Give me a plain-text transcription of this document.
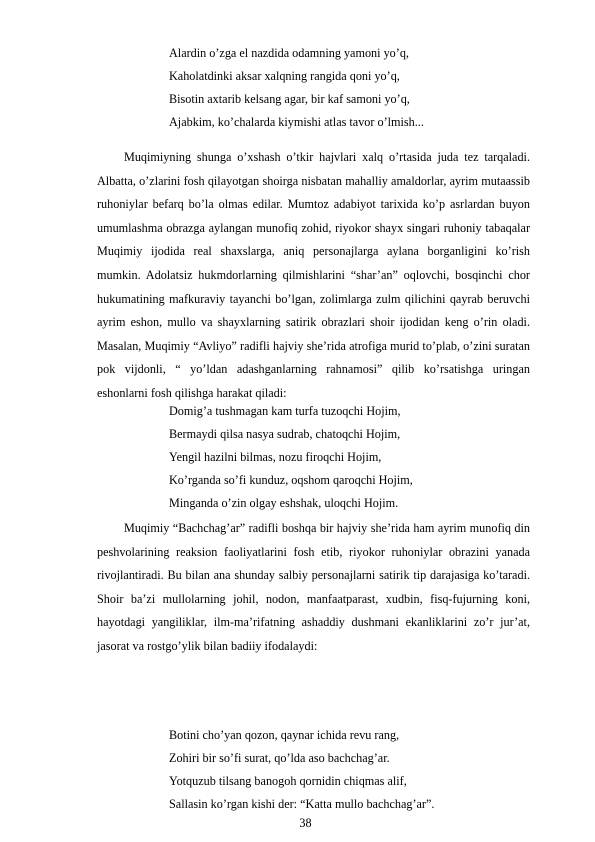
Alardin o’zga el nazdida odamning yamoni yo’q,
Kaholatdinki aksar xalqning rangida qoni yo’q,
Bisotin axtarib kelsang agar, bir kaf samoni yo’q,
Ajabkim, ko’chalarda kiymishi atlas tavor o’lmish...

Muqimiyning shunga o’xshash o’tkir hajvlari xalq o’rtasida juda tez tarqaladi. Albatta, o’zlarini fosh qilayotgan shoirga nisbatan mahalliy amaldorlar, ayrim mutaassib ruhoniylar befarq bo’la olmas edilar. Mumtoz adabiyot tarixida ko’p asrlardan buyon umumlashma obrazga aylangan munofiq zohid, riyokor shayx singari ruhoniy tabaqalar Muqimiy ijodida real shaxslarga, aniq personajlarga aylana borganligini ko’rish mumkin. Adolatsiz hukmdorlarning qilmishlarini “shar’an” oqlovchi, bosqinchi chor hukumatining mafkuraviy tayanchi bo’lgan, zolimlarga zulm qilichini qayrab beruvchi ayrim eshon, mullo va shayxlarning satirik obrazlari shoir ijodidan keng o’rin oladi. Masalan, Muqimiy “Avliyo” radifli hajviy she’rida atrofiga murid to’plab, o’zini suratan pok vijdonli, “ yo’ldan adashganlarning rahnamosi” qilib ko’rsatishga uringan eshonlarni fosh qilishga harakat qiladi:

Domig’a tushmagan kam turfa tuzoqchi Hojim,
Bermaydi qilsa nasya sudrab, chatoqchi Hojim,
Yengil hazilni bilmas, nozu firoqchi Hojim,
Ko’rganda so’fi kunduz, oqshom qaroqchi Hojim,
Minganda o’zin olgay eshshak, uloqchi Hojim.

Muqimiy “Bachchag’ar” radifli boshqa bir hajviy she’rida ham ayrim munofiq din peshvolarining reaksion faoliyatlarini fosh etib, riyokor ruhoniylar obrazini yanada rivojlantiradi. Bu bilan ana shunday salbiy personajlarni satirik tip darajasiga ko’taradi. Shoir ba’zi mullolarning johil, nodon, manfaatparast, xudbin, fisq-fujurning koni, hayotdagi yangiliklar, ilm-ma’rifatning ashaddiy dushmani ekanliklarini zo’r jur’at, jasorat va rostgo’ylik bilan badiiy ifodalaydi:

Botini cho’yan qozon, qaynar ichida revu rang,
Zohiri bir so’fi surat, qo’lda aso bachchag’ar.
Yotquzub tilsang banogoh qornidin chiqmas alif,
Sallasin ko’rgan kishi der: “Katta mullo bachchag’ar”.
38
